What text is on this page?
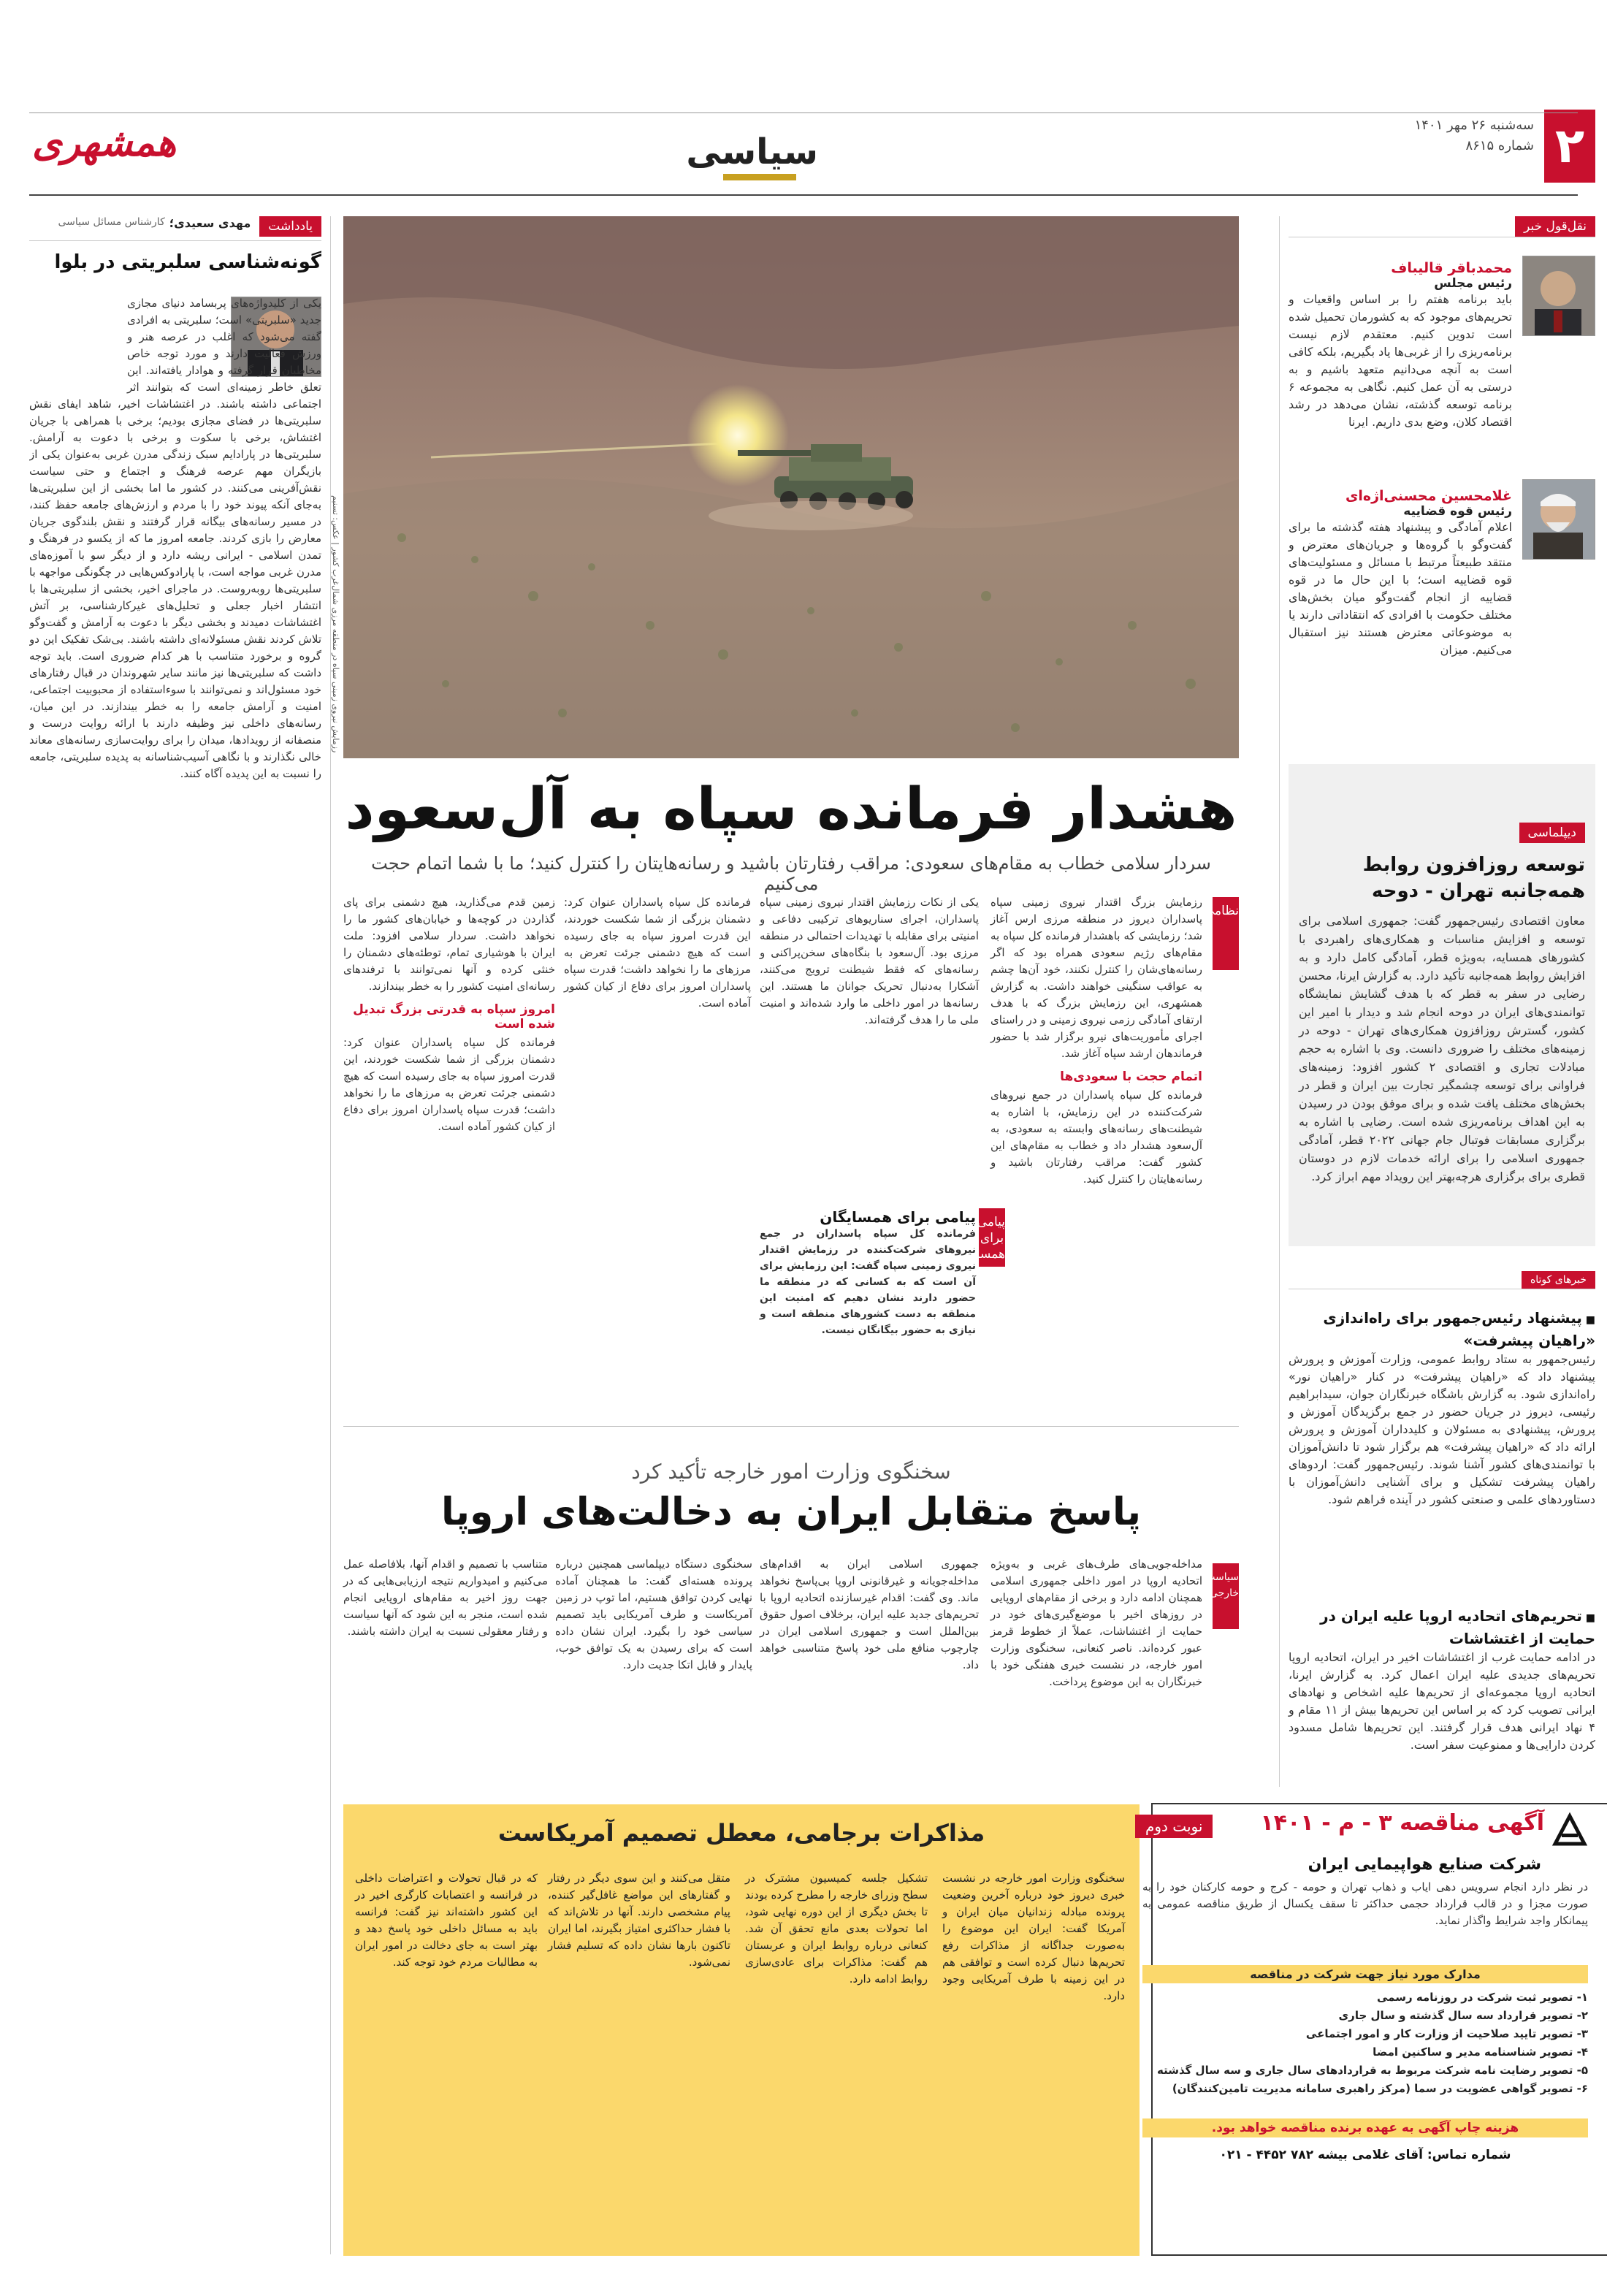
۲
سه‌شنبه ۲۶ مهر ۱۴۰۱
شماره ۸۶۱۵
سیاسی
همشهری
نقل‌قول خبر
محمدباقر قالیباف
رئیس مجلس
باید برنامه هفتم را بر اساس واقعیات و تحریم‌های موجود که به کشورمان تحمیل شده است تدوین کنیم. معتقدم لازم نیست برنامه‌ریزی را از غربی‌ها یاد بگیریم، بلکه کافی است به آنچه می‌دانیم متعهد باشیم و به درستی به آن عمل کنیم. نگاهی به مجموعه ۶ برنامه توسعه گذشته، نشان می‌دهد در رشد اقتصاد کلان، وضع بدی داریم. ایرنا
غلامحسین محسنی‌اژه‌ای
رئیس قوه قضاییه
اعلام آمادگی و پیشنهاد هفته گذشته ما برای گفت‌وگو با گروه‌ها و جریان‌های معترض و منتقد طبیعتاً مرتبط با مسائل و مسئولیت‌های قوه قضاییه است؛ با این حال ما در قوه قضاییه از انجام گفت‌وگو میان بخش‌های مختلف حکومت با افرادی که انتقاداتی دارند یا به موضوعاتی معترض هستند نیز استقبال می‌کنیم. میزان
دیپلماسی
توسعه روزافزون روابط همه‌جانبه تهران - دوحه
معاون اقتصادی رئیس‌جمهور گفت: جمهوری اسلامی برای توسعه و افزایش مناسبات و همکاری‌های راهبردی با کشورهای همسایه، به‌ویژه قطر، آمادگی کامل دارد و به افزایش روابط همه‌جانبه تأکید دارد. به گزارش ایرنا، محسن رضایی در سفر به قطر که با هدف گشایش نمایشگاه توانمندی‌های ایران در دوحه انجام شد و دیدار با امیر این کشور، گسترش روزافزون همکاری‌های تهران - دوحه در زمینه‌های مختلف را ضروری دانست. وی با اشاره به حجم مبادلات تجاری و اقتصادی ۲ کشور افزود: زمینه‌های فراوانی برای توسعه چشمگیر تجارت بین ایران و قطر در بخش‌های مختلف یافت شده و برای موفق بودن در رسیدن به این اهداف برنامه‌ریزی شده است. رضایی با اشاره به برگزاری مسابقات فوتبال جام جهانی ۲۰۲۲ قطر، آمادگی جمهوری اسلامی را برای ارائه خدمات لازم در دوستان قطری برای برگزاری هرچه‌بهتر این رویداد مهم ابراز کرد.
خبرهای کوتاه
■ پیشنهاد رئیس‌جمهور برای راه‌اندازی «راهیان پیشرفت»
رئیس‌جمهور به ستاد روابط عمومی، وزارت آموزش و پرورش پیشنهاد داد که «راهیان پیشرفت» در کنار «راهیان نور» راه‌اندازی شود. به گزارش باشگاه خبرنگاران جوان، سیدابراهیم رئیسی، دیروز در جریان حضور در جمع برگزیدگان آموزش و پرورش، پیشنهادی به مسئولان و کلیدداران آموزش و پرورش ارائه داد که «راهیان پیشرفت» هم برگزار شود تا دانش‌آموزان با توانمندی‌های کشور آشنا شوند. رئیس‌جمهور گفت: اردوهای راهیان پیشرفت تشکیل و برای آشنایی دانش‌آموزان با دستاوردهای علمی و صنعتی کشور در آینده فراهم شود.
■ تحریم‌های اتحادیه اروپا علیه ایران در حمایت از اغتشاشات
در ادامه حمایت غرب از اغتشاشات اخیر در ایران، اتحادیه اروپا تحریم‌های جدیدی علیه ایران اعمال کرد. به گزارش ایرنا، اتحادیه اروپا مجموعه‌ای از تحریم‌ها علیه اشخاص و نهادهای ایرانی تصویب کرد که بر اساس این تحریم‌ها بیش از ۱۱ مقام و ۴ نهاد ایرانی هدف قرار گرفتند. این تحریم‌ها شامل مسدود کردن دارایی‌ها و ممنوعیت سفر است.
رزمایش نیروی زمینی سپاه در منطقه مرزی شمال‌غرب کشور | عکس: تسنیم
هشدار فرمانده سپاه به آل‌سعود
سردار سلامی خطاب به مقام‌های سعودی: مراقب رفتارتان باشید و رسانه‌هایتان را کنترل کنید؛ ما با شما اتمام حجت می‌کنیم
نظامی
رزمایش بزرگ اقتدار نیروی زمینی سپاه پاسداران دیروز در منطقه مرزی ارس آغاز شد؛ رزمایشی که باهشدار فرمانده کل سپاه به مقام‌های رژیم سعودی همراه بود که اگر رسانه‌های‌شان را کنترل نکنند، خود آن‌ها چشم به عواقب سنگینی خواهند داشت. به گزارش همشهری، این رزمایش بزرگ که با هدف ارتقای آمادگی رزمی نیروی زمینی و در راستای اجرای مأموریت‌های نیرو برگزار شد با حضور فرماندهان ارشد سپاه آغاز شد.
اتمام حجت با سعودی‌ها
فرمانده کل سپاه پاسداران در جمع نیروهای شرکت‌کننده در این رزمایش، با اشاره به شیطنت‌های رسانه‌های وابسته به سعودی، به آل‌سعود هشدار داد و خطاب به مقام‌های این کشور گفت: مراقب رفتار‌تان باشید و رسانه‌هایتان را کنترل کنید.
یکی از نکات رزمایش اقتدار نیروی زمینی سپاه پاسداران، اجرای سناریوهای ترکیبی دفاعی و امنیتی برای مقابله با تهدیدات احتمالی در منطقه مرزی بود. آل‌سعود با بنگاه‌های سخن‌پراکنی و رسانه‌های که فقط شیطنت ترویج می‌کنند، آشکارا به‌دنبال تحریک جوانان ما هستند. این رسانه‌ها در امور داخلی ما وارد شده‌اند و امنیت ملی ما را هدف گرفته‌اند.
زمین قدم می‌گذارید، هیچ دشمنی برای پای گذاردن در کوچه‌ها و خیابان‌های کشور ما را نخواهد داشت. سردار سلامی افزود: ملت ایران با هوشیاری تمام، توطئه‌های دشمنان را خنثی کرده و آنها نمی‌توانند با ترفندهای رسانه‌ای امنیت کشور را به خطر بیندازند.
امروز سپاه به قدرتی بزرگ تبدیل شده است
فرمانده کل سپاه پاسداران عنوان کرد: دشمنان بزرگی از شما شکست خوردند، این قدرت امروز سپاه به جای رسیده است که هیچ دشمنی جرئت تعرض به مرزهای ما را نخواهد داشت؛ قدرت سپاه پاسداران امروز برای دفاع از کیان کشور آماده است.
فرمانده کل سپاه پاسداران عنوان کرد: دشمنان بزرگی از شما شکست خوردند، این قدرت امروز سپاه به جای رسیده است که هیچ دشمنی جرئت تعرض به مرزهای ما را نخواهد داشت؛ قدرت سپاه پاسداران امروز برای دفاع از کیان کشور آماده است.
پیامی برای همسایگان
پیامی برای همسایگان
فرمانده کل سپاه پاسداران در جمع نیروهای شرکت‌کننده در رزمایش اقتدار نیروی زمینی سپاه گفت: این رزمایش برای آن است که به کسانی که در منطقه ما حضور دارند نشان دهیم که امنیت این منطقه به دست کشورهای منطقه است و نیازی به حضور بیگانگان نیست.
سخنگوی وزارت امور خارجه تأکید کرد
پاسخ متقابل ایران به دخالت‌های اروپا
سیاست خارجی
مداخله‌جویی‌های طرف‌های غربی و به‌ویژه اتحادیه اروپا در امور داخلی جمهوری اسلامی همچنان ادامه دارد و برخی از مقام‌های اروپایی در روزهای اخیر با موضع‌گیری‌های خود در حمایت از اغتشاشات، عملاً از خطوط قرمز عبور کرده‌اند. ناصر کنعانی، سخنگوی وزارت امور خارجه، در نشست خبری هفتگی خود با خبرنگاران به این موضوع پرداخت.
جمهوری اسلامی ایران به اقدام‌های مداخله‌جویانه و غیرقانونی اروپا بی‌پاسخ نخواهد ماند. وی گفت: اقدام غیرسازنده اتحادیه اروپا با تحریم‌های جدید علیه ایران، برخلاف اصول حقوق بین‌الملل است و جمهوری اسلامی ایران در چارچوب منافع ملی خود پاسخ متناسبی خواهد داد.
سخنگوی دستگاه دیپلماسی همچنین درباره پرونده هسته‌ای گفت: ما همچنان آماده نهایی کردن توافق هستیم، اما توپ در زمین آمریکاست و طرف آمریکایی باید تصمیم سیاسی خود را بگیرد. ایران نشان داده است که برای رسیدن به یک توافق خوب، پایدار و قابل اتکا جدیت دارد.
متناسب با تصمیم و اقدام آنها، بلافاصله عمل می‌کنیم و امیدواریم نتیجه ارزیابی‌هایی که در جهت روز اخیر به مقام‌های اروپایی انجام شده است، منجر به این شود که آنها سیاست و رفتار معقولی نسبت به ایران داشته باشند.
مذاکرات برجامی، معطل تصمیم آمریکاست
سخنگوی وزارت امور خارجه در نشست خبری دیروز خود درباره آخرین وضعیت پرونده مبادله زندانیان میان ایران و آمریکا گفت: ایران این موضوع را به‌صورت جداگانه از مذاکرات رفع تحریم‌ها دنبال کرده است و توافقی هم در این زمینه با طرف آمریکایی وجود دارد.
تشکیل جلسه کمیسیون مشترک در سطح وزرای خارجه را مطرح کرده بودند تا بخش دیگری از این دوره نهایی شود، اما تحولات بعدی مانع تحقق آن شد. کنعانی درباره روابط ایران و عربستان هم گفت: مذاکرات برای عادی‌سازی روابط ادامه دارد.
متقل می‌کنند و این سوی دیگر در رفتار و گفتارهای این مواضع غافل‌گیر کننده، پیام مشخصی دارند. آنها در تلاش‌اند که با فشار حداکثری امتیاز بگیرند، اما ایران تاکنون بارها نشان داده که تسلیم فشار نمی‌شود.
که در قبال تحولات و اعتراضات داخلی در فرانسه و اعتصابات کارگری اخیر در این کشور داشته‌اند نیز گفت: فرانسه باید به مسائل داخلی خود پاسخ دهد و بهتر است به جای دخالت در امور ایران به مطالبات مردم خود توجه کند.
آگهی مناقصه ۳ - م - ۱۴۰۱
نوبت دوم
شرکت صنایع هواپیمایی ایران
در نظر دارد انجام سرویس دهی ایاب و ذهاب تهران و حومه - کرج و حومه کارکنان خود را به صورت مجزا و در قالب قرارداد حجمی حداکثر تا سقف یکسال از طریق مناقصه عمومی به پیمانکار واجد شرایط واگذار نماید.
مدارک مورد نیاز جهت شرکت در مناقصه
۱- تصویر ثبت شرکت در روزنامه رسمی
۲- تصویر قرارداد سه سال گذشته و سال جاری
۳- تصویر تایید صلاحیت از وزارت کار و امور اجتماعی
۴- تصویر شناسنامه مدیر و ساکنین امضا
۵- تصویر رضایت نامه شرکت مربوط به قراردادهای سال جاری و سه سال گذشته
۶- تصویر گواهی عضویت در سما (مرکز راهبری سامانه مدیریت تامین‌کنندگان)
هزینه چاپ آگهی به عهده برنده مناقصه خواهد بود.
شماره تماس: آقای غلامی بیشه ۷۸۲ ۴۴۵۲ - ۰۲۱
یادداشت
مهدی سعیدی؛
کارشناس مسائل سیاسی
گونه‌شناسی سلبریتی در بلوا
یکی از کلیدواژه‌های پربسامد دنیای مجازی جدید «سلبریتی» است؛ سلبریتی به افرادی گفته می‌شود که اغلب در عرصه هنر و ورزش فعالیت دارند و مورد توجه خاص مخاطبان قرار گرفته و هوادار یافته‌اند. این تعلق خاطر زمینه‌ای است که بتوانند اثر اجتماعی داشته باشند. در اغتشاشات اخیر، شاهد ایفای نقش سلبریتی‌ها در فضای مجازی بودیم؛ برخی با همراهی با جریان اغتشاش، برخی با سکوت و برخی با دعوت به آرامش. سلبریتی‌ها در پارادایم سبک زندگی مدرن غربی به‌عنوان یکی از بازیگران مهم عرصه فرهنگ و اجتماع و حتی سیاست نقش‌آفرینی می‌کنند. در کشور ما اما بخشی از این سلبریتی‌ها به‌جای آنکه پیوند خود را با مردم و ارزش‌های جامعه حفظ کنند، در مسیر رسانه‌های بیگانه قرار گرفتند و نقش بلندگوی جریان معارض را بازی کردند. جامعه امروز ما که از یکسو در فرهنگ و تمدن اسلامی - ایرانی ریشه دارد و از دیگر سو با آموزه‌های مدرن غربی مواجه است، با پارادوکس‌هایی در چگونگی مواجهه با سلبریتی‌ها روبه‌روست. در ماجرای اخیر، بخشی از سلبریتی‌ها با انتشار اخبار جعلی و تحلیل‌های غیرکارشناسی، بر آتش اغتشاشات دمیدند و بخشی دیگر با دعوت به آرامش و گفت‌وگو تلاش کردند نقش مسئولانه‌ای داشته باشند. بی‌شک تفکیک این دو گروه و برخورد متناسب با هر کدام ضروری است. باید توجه داشت که سلبریتی‌ها نیز مانند سایر شهروندان در قبال رفتارهای خود مسئول‌اند و نمی‌توانند با سوءاستفاده از محبوبیت اجتماعی، امنیت و آرامش جامعه را به خطر بیندازند. در این میان، رسانه‌های داخلی نیز وظیفه دارند با ارائه روایت درست و منصفانه از رویدادها، میدان را برای روایت‌سازی رسانه‌های معاند خالی نگذارند و با نگاهی آسیب‌شناسانه به پدیده سلبریتی، جامعه را نسبت به این پدیده آگاه کنند.
